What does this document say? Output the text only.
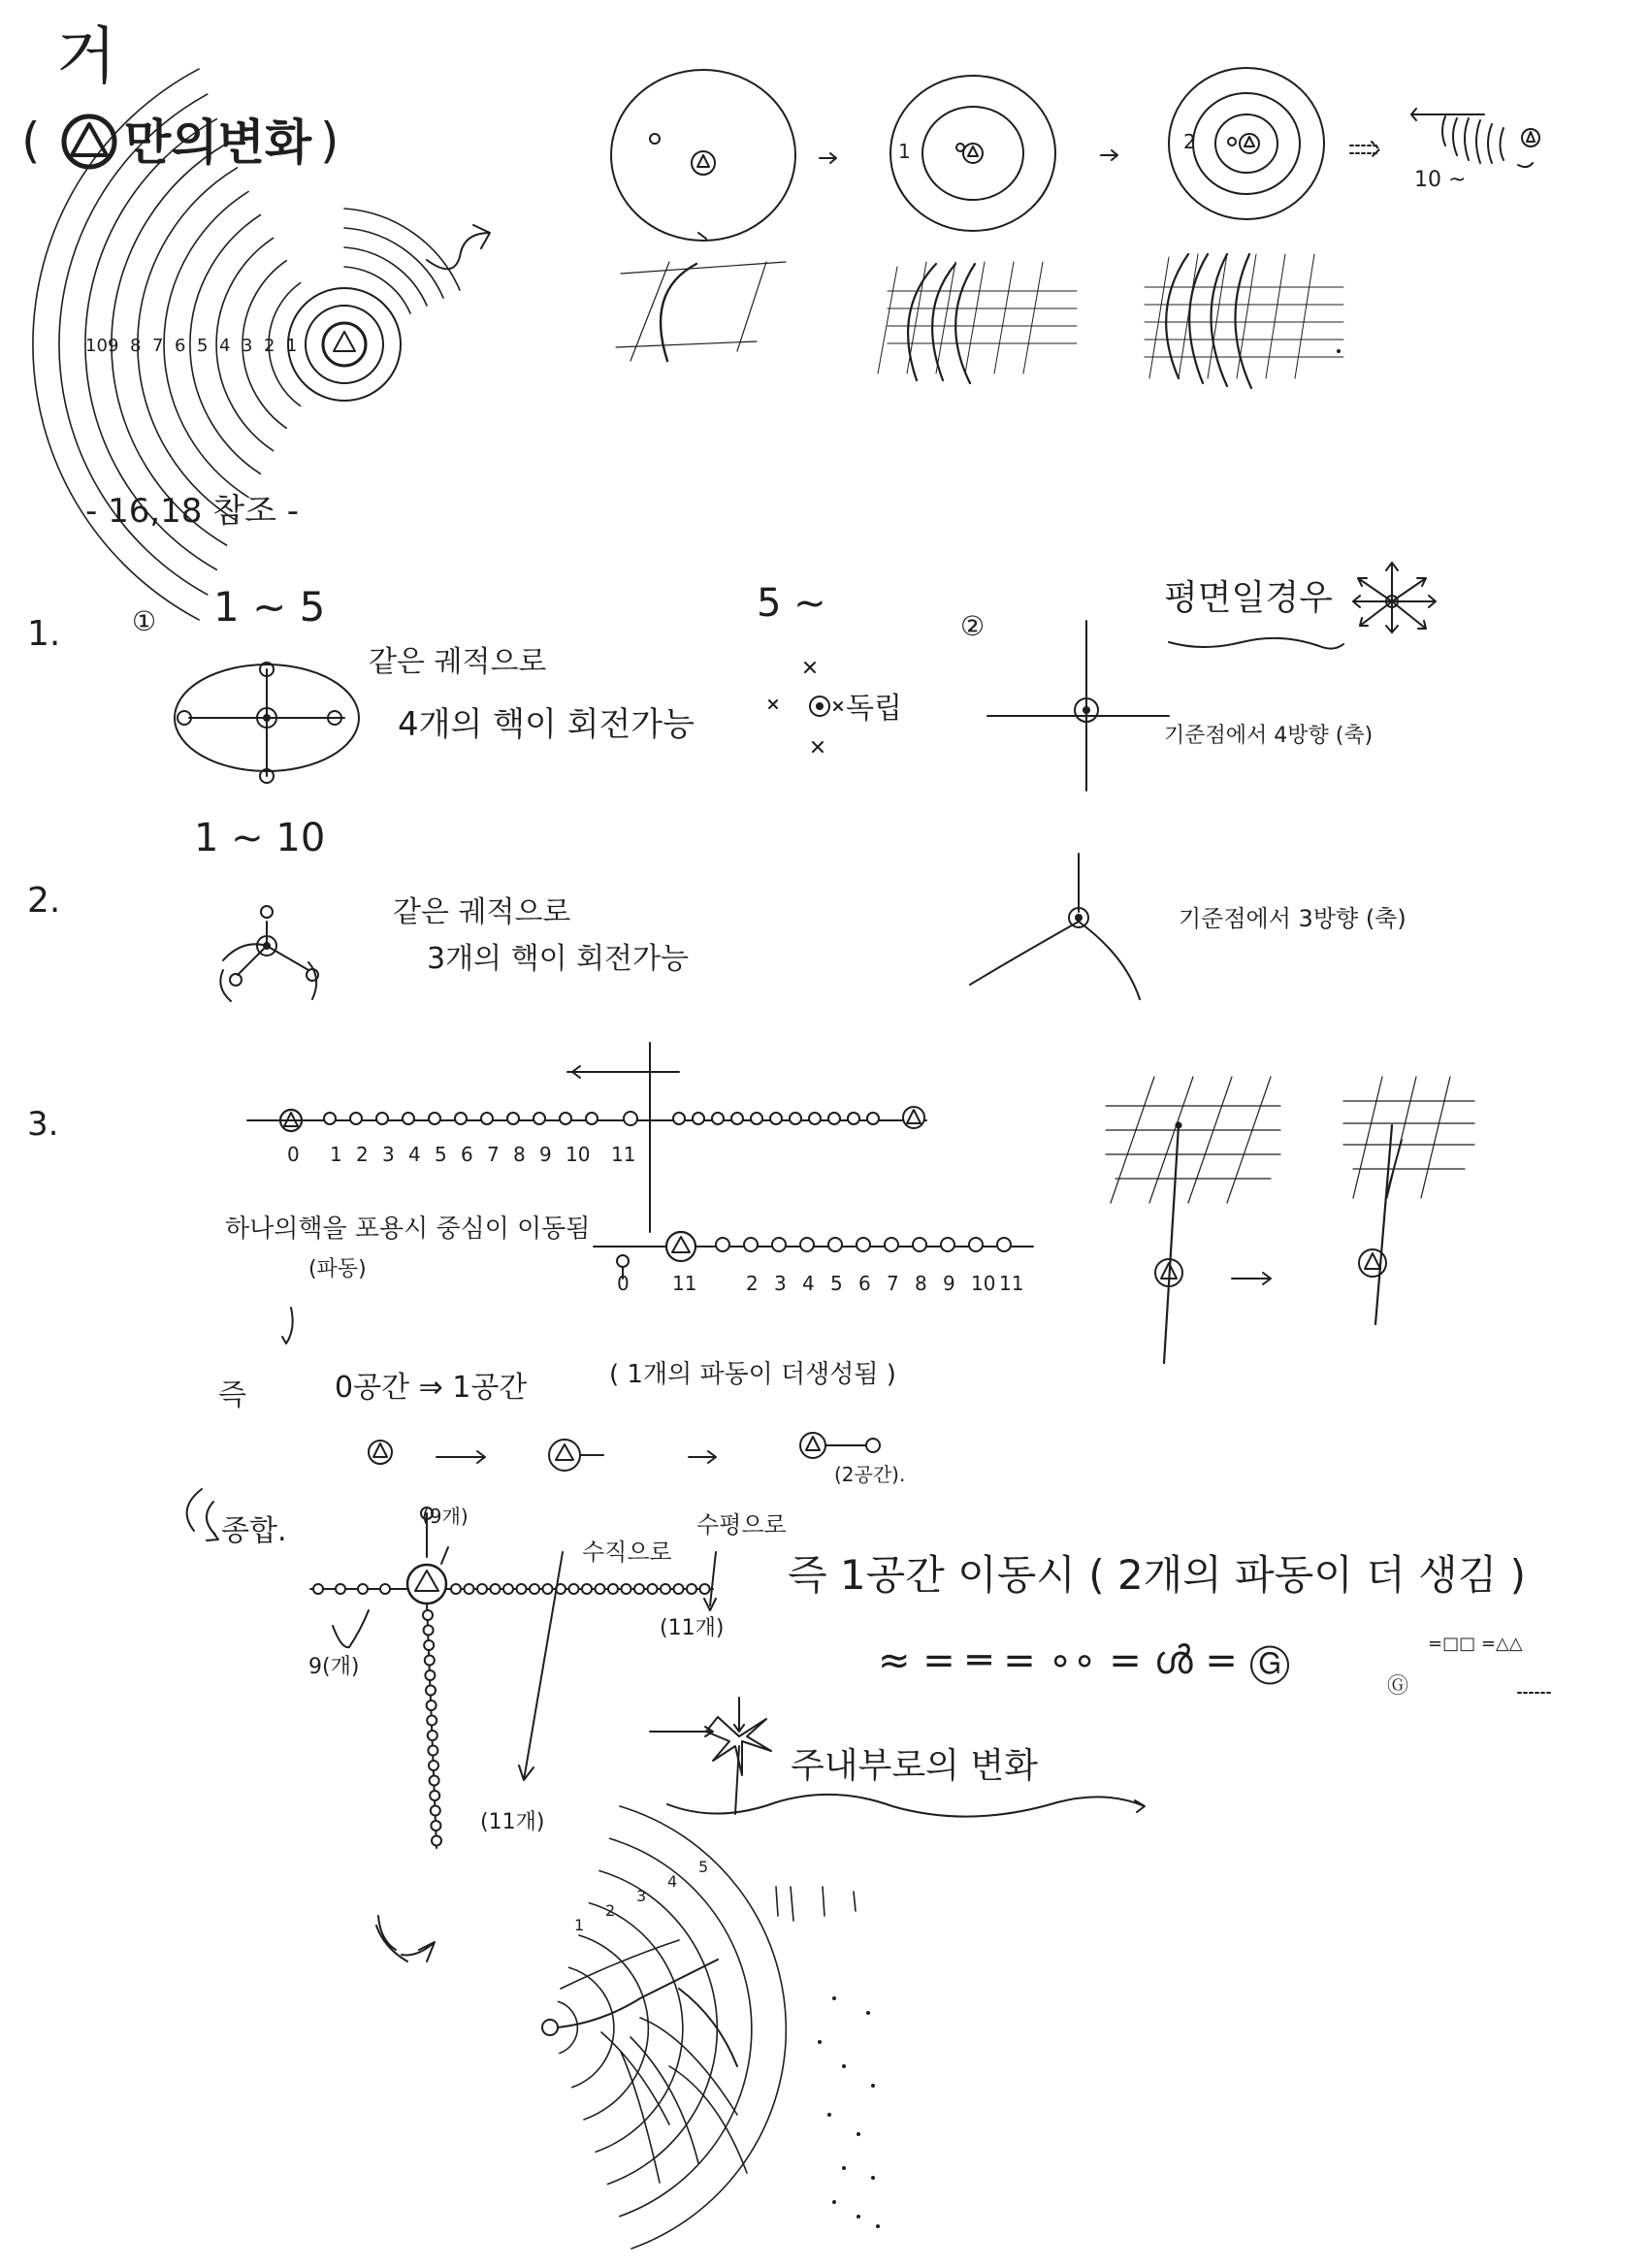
거
( 만의변화 )
10 9 8 7 6 5 4 3 2 1
1	2
10 ~
- 16,18 참조 -
1.	① 1 ~ 5
같은 궤적으로
4개의 핵이 회전가능
5 ~
독립
②
기준점에서 4방향 (축)
평면일경우
1 ~ 10
2.	같은 궤적으로
3개의 핵이 회전가능
기준점에서 3방향 (축)
3.
0 1 2 3 4 5 6 7 8 9 10 11
하나의핵을 포용시 중심이 이동됨
(파동)
0 11	2 3 4 5 6 7 8 9 10 11
즉	0공간 ⇒ 1공간	( 1개의 파동이 더생성됨 )
(2공간).
종합.	(9개)
9(개)
(11개)
(11개)
수직으로
수평으로
즉 1공간 이동시 ( 2개의 파동이 더 생김 )
≈ = ═ = ∘∘ = ൾ = Ⓖ	=□□ =△△
Ⓖ
주내부로의 변화
1
2
3
4
5
